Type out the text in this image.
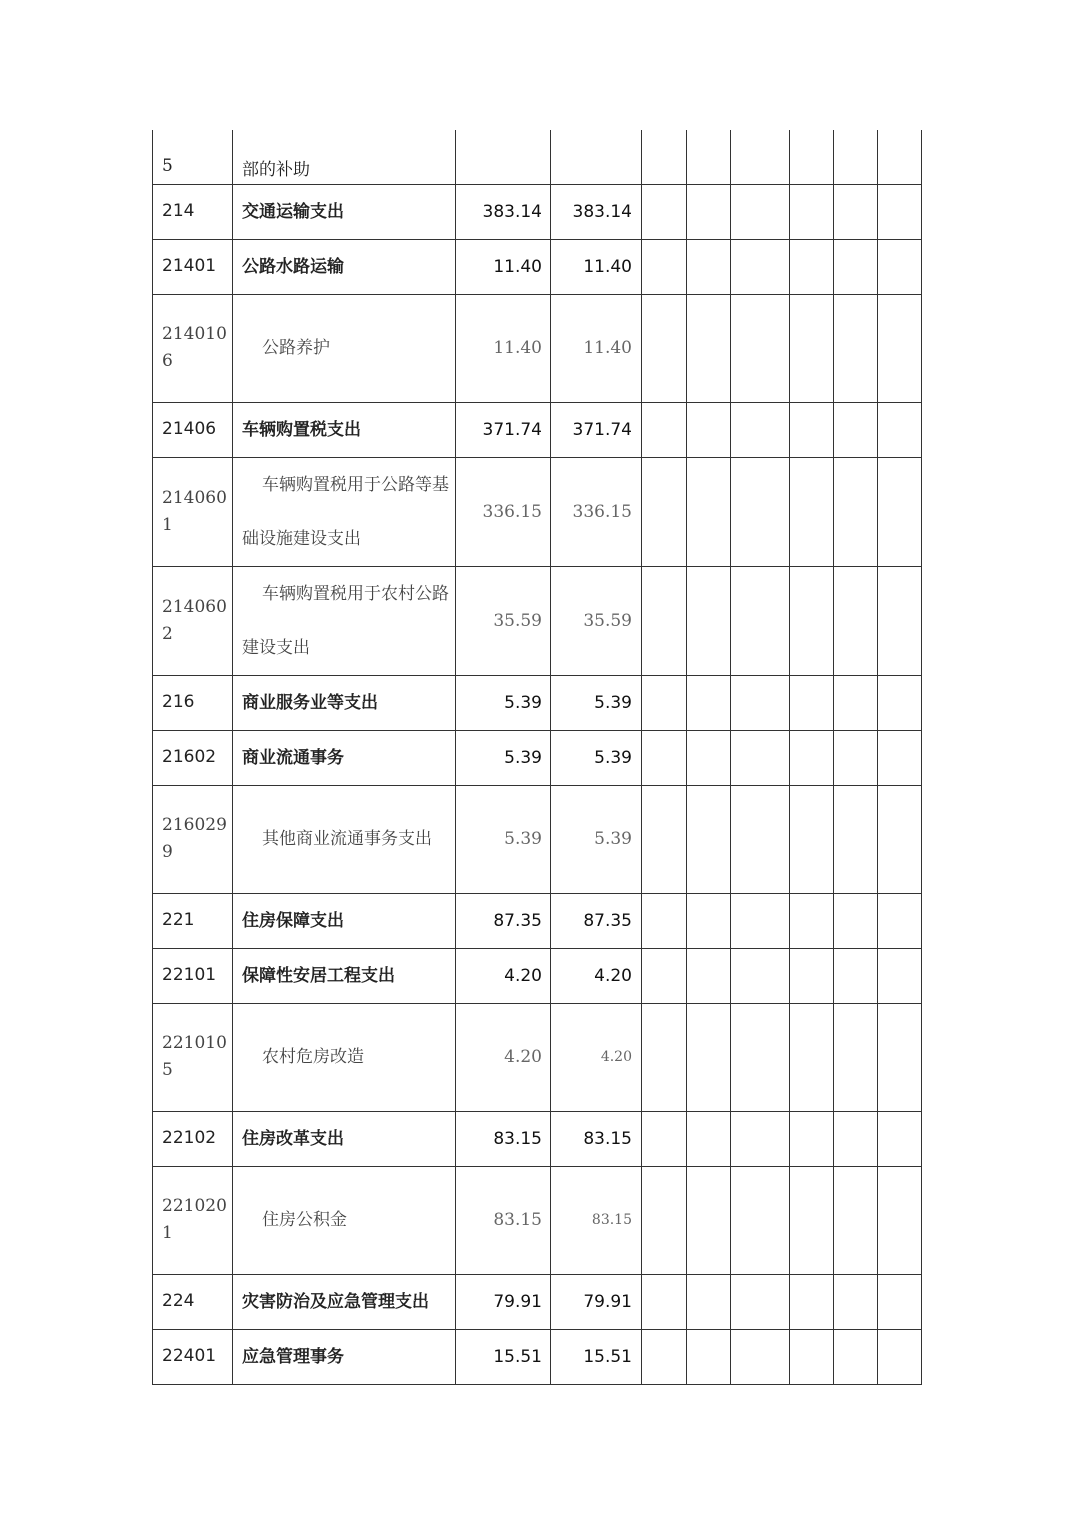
5	部的补助								
214	交通运输支出	383.14	383.14						
21401	公路水路运输	11.40	11.40						
2140106	公路养护	11.40	11.40						
21406	车辆购置税支出	371.74	371.74						
2140601	车辆购置税用于公路等基础设施建设支出	336.15	336.15						
2140602	车辆购置税用于农村公路建设支出	35.59	35.59						
216	商业服务业等支出	5.39	5.39						
21602	商业流通事务	5.39	5.39						
2160299	其他商业流通事务支出	5.39	5.39						
221	住房保障支出	87.35	87.35						
22101	保障性安居工程支出	4.20	4.20						
2210105	农村危房改造	4.20	4.20						
22102	住房改革支出	83.15	83.15						
2210201	住房公积金	83.15	83.15						
224	灾害防治及应急管理支出	79.91	79.91						
22401	应急管理事务	15.51	15.51						
